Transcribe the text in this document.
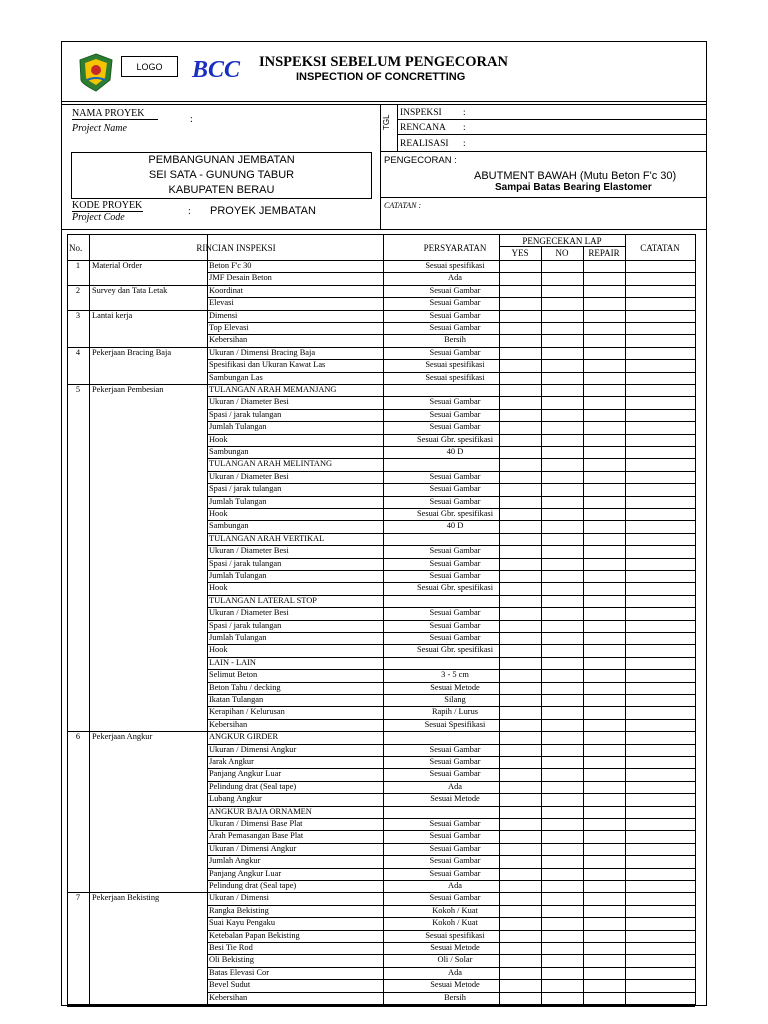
LOGO	BCC INSPEKSI SEBELUM PENGECORAN
INSPECTION OF CONCRETTING
NAMA PROYEK
Project Name
:	TGL
INSPEKSI :
RENCANA :
REALISASI :
PEMBANGUNAN JEMBATAN
SEI SATA - GUNUNG TABUR
KABUPATEN BERAU
PENGECORAN :
ABUTMENT BAWAH (Mutu Beton F'c 30)
Sampai Batas Bearing Elastomer
CATATAN :
KODE PROYEK
Project Code
: PROYEK JEMBATAN
No.	RINCIAN INSPEKSI	PERSYARATAN
PENGECEKAN LAP
YES	NO	REPAIR	CATATAN
1	Material Order	Beton F'c 30	Sesuai spesifikasi
JMF Desain Beton	Ada
2	Survey dan Tata Letak	Koordinat	Sesuai Gambar
Elevasi	Sesuai Gambar
3	Lantai kerja	Dimensi	Sesuai Gambar
Top Elevasi	Sesuai Gambar
Kebersihan	Bersih
4	Pekerjaan Bracing Baja	Ukuran / Dimensi Bracing Baja	Sesuai Gambar
Spesifikasi dan Ukuran Kawat Las	Sesuai spesifikasi
Sambungan Las	Sesuai spesifikasi
5	Pekerjaan Pembesian	TULANGAN ARAH MEMANJANG
Ukuran / Diameter Besi	Sesuai Gambar
Spasi / jarak tulangan	Sesuai Gambar
Jumlah Tulangan	Sesuai Gambar
Hook	Sesuai Gbr. spesifikasi
Sambungan	40 D
TULANGAN ARAH MELINTANG
Ukuran / Diameter Besi	Sesuai Gambar
Spasi / jarak tulangan	Sesuai Gambar
Jumlah Tulangan	Sesuai Gambar
Hook	Sesuai Gbr. spesifikasi
Sambungan	40 D
TULANGAN ARAH VERTIKAL
Ukuran / Diameter Besi	Sesuai Gambar
Spasi / jarak tulangan	Sesuai Gambar
Jumlah Tulangan	Sesuai Gambar
Hook	Sesuai Gbr. spesifikasi
TULANGAN LATERAL STOP
Ukuran / Diameter Besi	Sesuai Gambar
Spasi / jarak tulangan	Sesuai Gambar
Jumlah Tulangan	Sesuai Gambar
Hook	Sesuai Gbr. spesifikasi
LAIN - LAIN
Selimut Beton	3 - 5 cm
Beton Tahu / decking	Sesuai Metode
Ikatan Tulangan	Silang
Kerapihan / Kelurusan	Rapih / Lurus
Kebersihan	Sesuai Spesifikasi
6	Pekerjaan Angkur	ANGKUR GIRDER
Ukuran / Dimensi Angkur	Sesuai Gambar
Jarak Angkur	Sesuai Gambar
Panjang Angkur Luar	Sesuai Gambar
Pelindung drat (Seal tape)	Ada
Lubang Angkur	Sesuai Metode
ANGKUR BAJA ORNAMEN
Ukuran / Dimensi Base Plat	Sesuai Gambar
Arah Pemasangan Base Plat	Sesuai Gambar
Ukuran / Dimensi Angkur	Sesuai Gambar
Jumlah Angkur	Sesuai Gambar
Panjang Angkur Luar	Sesuai Gambar
Pelindung drat (Seal tape)	Ada
7	Pekerjaan Bekisting	Ukuran / Dimensi	Sesuai Gambar
Rangka Bekisting	Kokoh / Kuat
Suai Kayu Pengaku	Kokoh / Kuat
Ketebalan Papan Bekisting	Sesuai spesifikasi
Besi Tie Rod	Sesuai Metode
Oli Bekisting	Oli / Solar
Batas Elevasi Cor	Ada
Bevel Sudut	Sesuai Metode
Kebersihan	Bersih
